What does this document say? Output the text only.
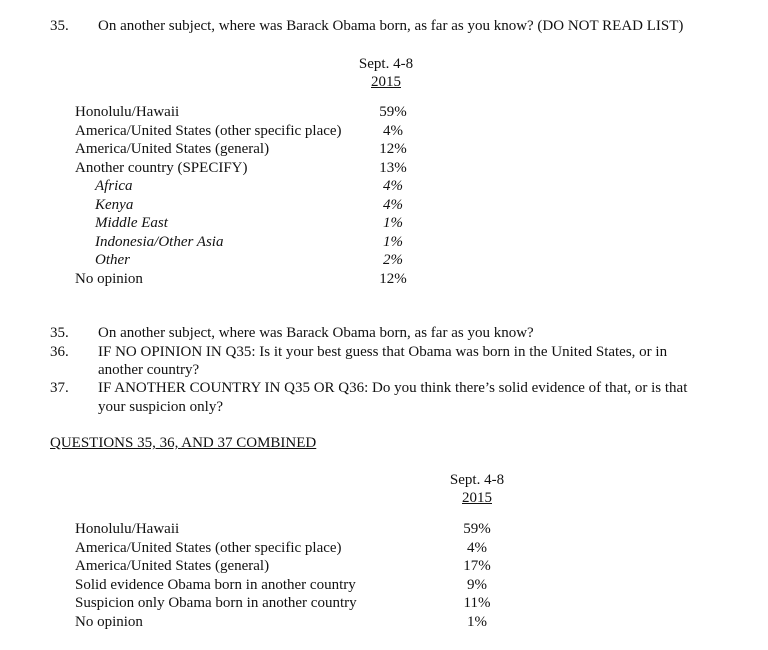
35.	On another subject, where was Barack Obama born, as far as you know? (DO NOT READ LIST)
Sept. 4-8
2015
Honolulu/Hawaii	59%
America/United States (other specific place)	4%
America/United States (general)	12%
Another country (SPECIFY)	13%
Africa	4%
Kenya	4%
Middle East	1%
Indonesia/Other Asia	1%
Other	2%
No opinion	12%
35.	On another subject, where was Barack Obama born, as far as you know?
36.	IF NO OPINION IN Q35: Is it your best guess that Obama was born in the United States, or in
another country?
37.	IF ANOTHER COUNTRY IN Q35 OR Q36: Do you think there’s solid evidence of that, or is that
your suspicion only?
QUESTIONS 35, 36, AND 37 COMBINED
Sept. 4-8
2015
Honolulu/Hawaii	59%
America/United States (other specific place)	4%
America/United States (general)	17%
Solid evidence Obama born in another country	9%
Suspicion only Obama born in another country	11%
No opinion	1%
